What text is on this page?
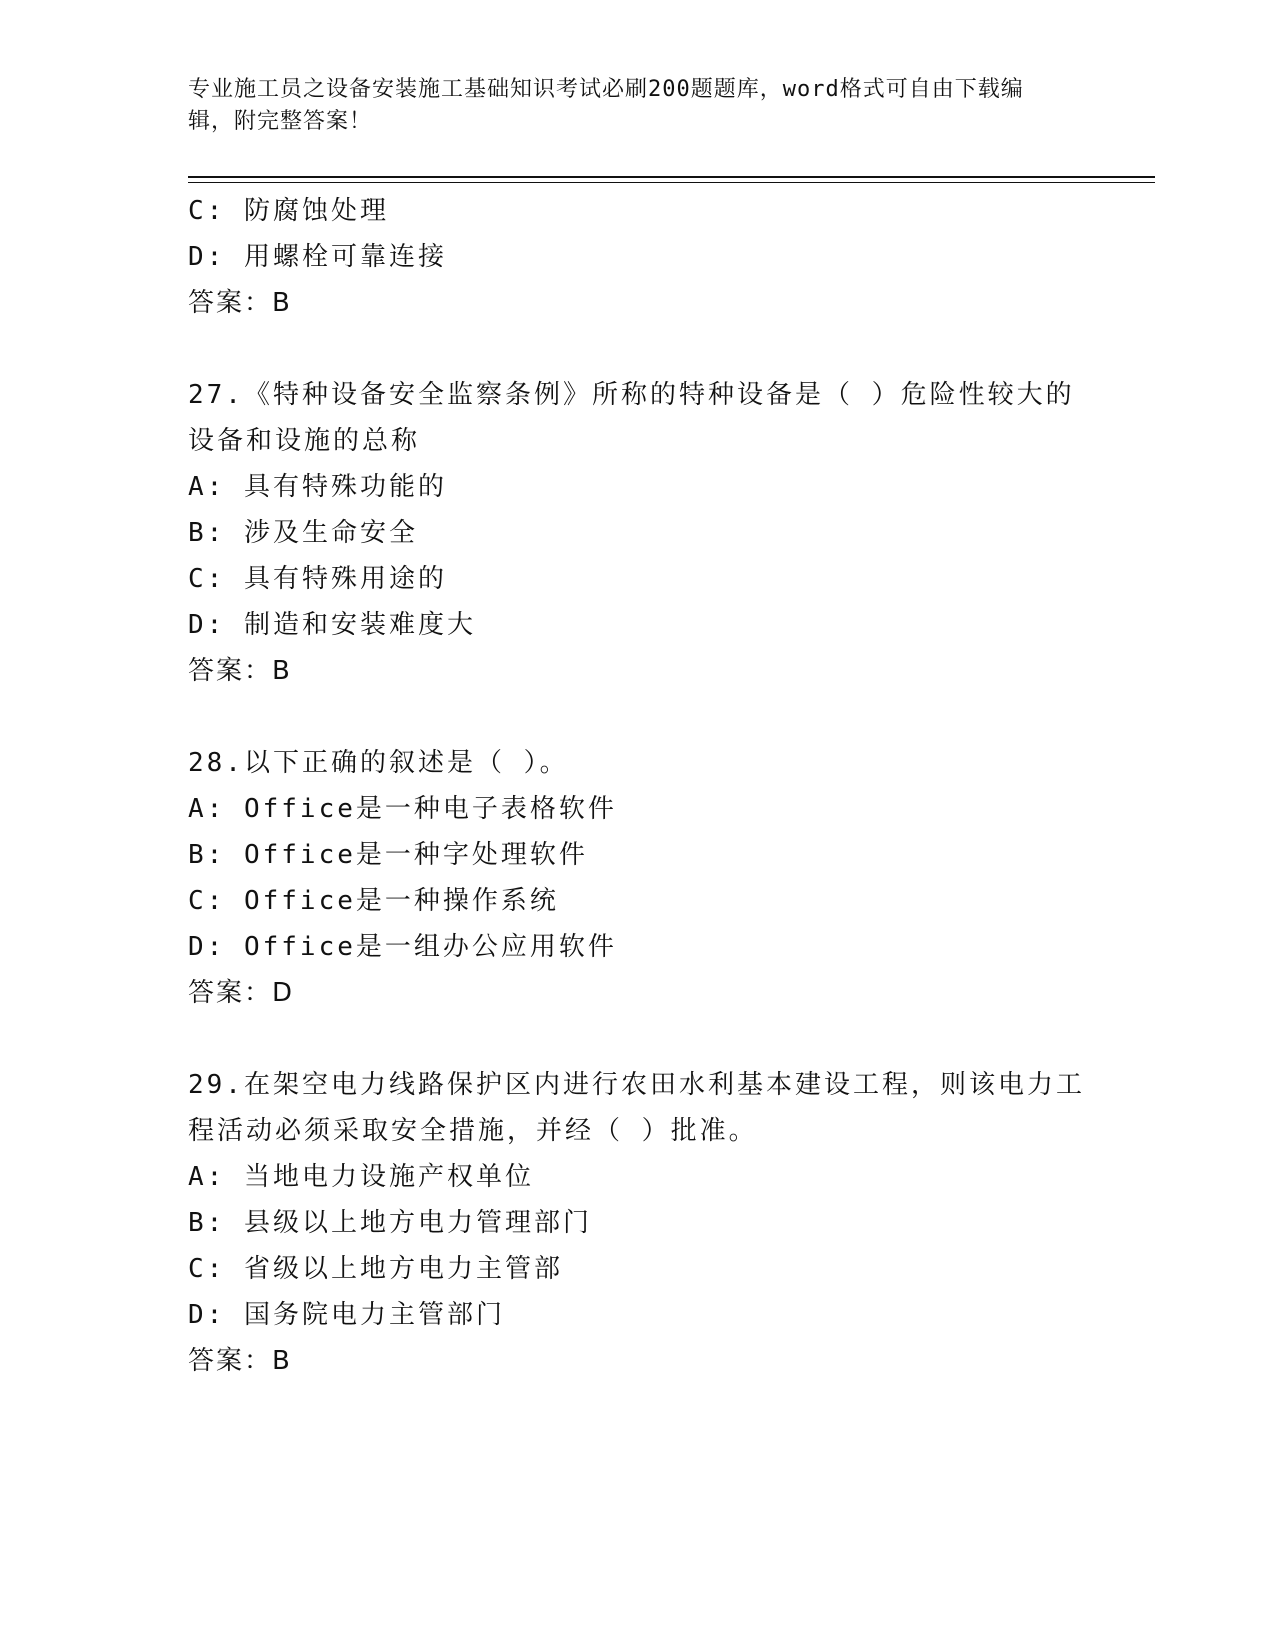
专业施工员之设备安装施工基础知识考试必刷200题题库，word格式可自由下载编辑，附完整答案！
C: 防腐蚀处理
D: 用螺栓可靠连接
答案：B
27.《特种设备安全监察条例》所称的特种设备是（ ）危险性较大的设备和设施的总称
A: 具有特殊功能的
B: 涉及生命安全
C: 具有特殊用途的
D: 制造和安装难度大
答案：B
28.以下正确的叙述是（ ）。
A: Office是一种电子表格软件
B: Office是一种字处理软件
C: Office是一种操作系统
D: Office是一组办公应用软件
答案：D
29.在架空电力线路保护区内进行农田水利基本建设工程，则该电力工程活动必须采取安全措施，并经（ ）批准。
A: 当地电力设施产权单位
B: 县级以上地方电力管理部门
C: 省级以上地方电力主管部
D: 国务院电力主管部门
答案：B
